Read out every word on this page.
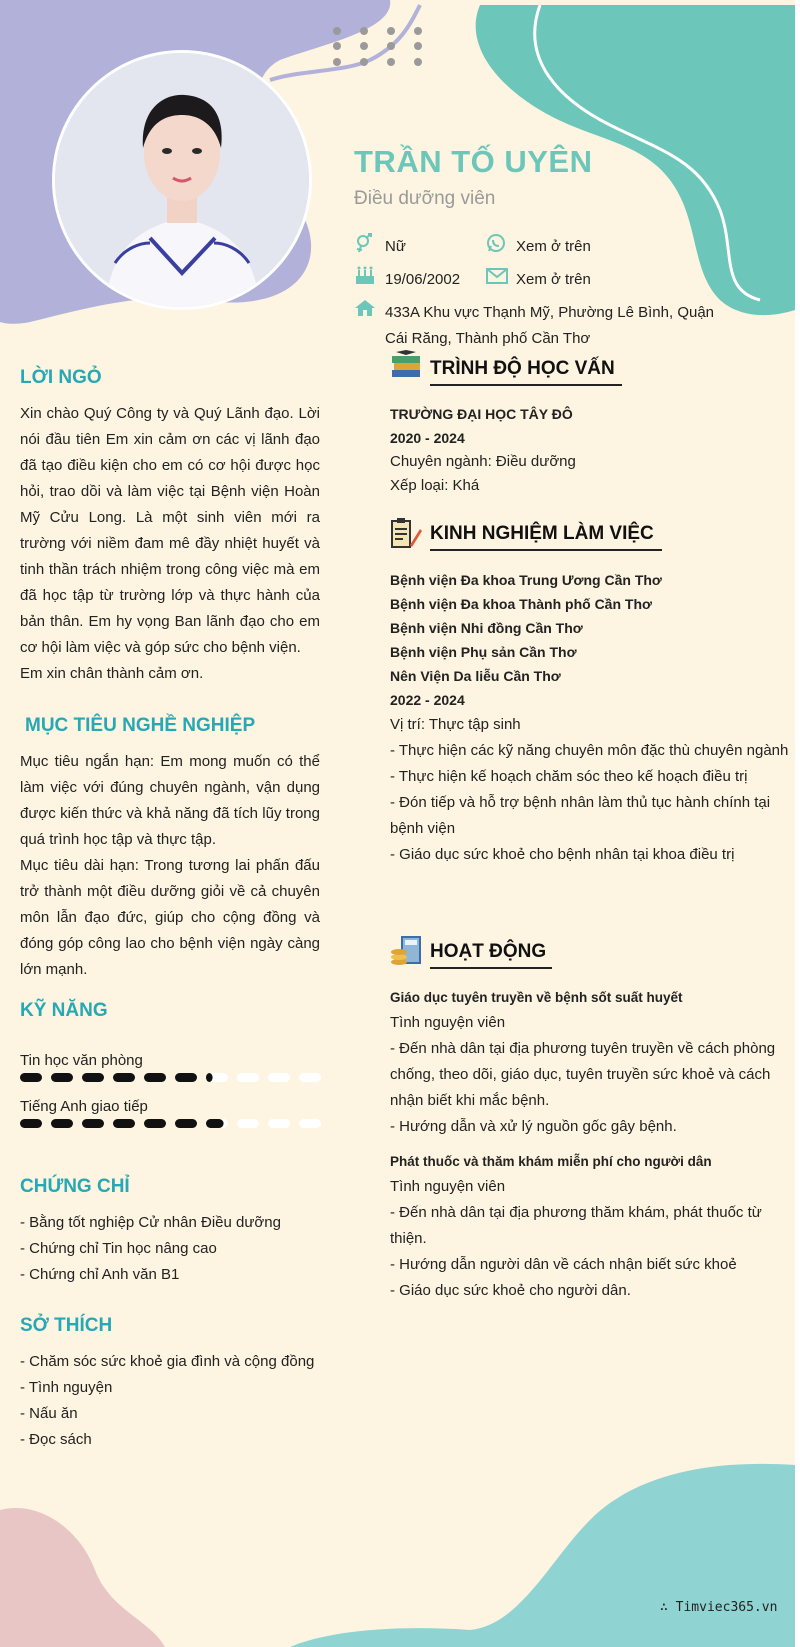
TRẦN TỐ UYÊN
Điều dưỡng viên
Nữ	Xem ở trên
19/06/2002	Xem ở trên
433A Khu vực Thạnh Mỹ, Phường Lê Bình, Quận
Cái Răng, Thành phố Cần Thơ
LỜI NGỎ

Xin chào Quý Công ty và Quý Lãnh đạo. Lời nói đầu tiên Em xin cảm ơn các vị lãnh đạo đã tạo điều kiện cho em có cơ hội được học hỏi, trao dồi và làm việc tại Bệnh viện Hoàn Mỹ Cửu Long. Là một sinh viên mới ra trường với niềm đam mê đầy nhiệt huyết và tinh thần trách nhiệm trong công việc mà em đã học tập từ trường lớp và thực hành của bản thân. Em hy vọng Ban lãnh đạo cho em cơ hội làm việc và góp sức cho bệnh viện.

Em xin chân thành cảm ơn.

MỤC TIÊU NGHỀ NGHIỆP

Mục tiêu ngắn hạn: Em mong muốn có thể làm việc với đúng chuyên ngành, vận dụng được kiến thức và khả năng đã tích lũy trong quá trình học tập và thực tập.

Mục tiêu dài hạn: Trong tương lai phấn đấu trở thành một điều dưỡng giỏi về cả chuyên môn lẫn đạo đức, giúp cho cộng đồng và đóng góp công lao cho bệnh viện ngày càng lớn mạnh.

KỸ NĂNG
Tin học văn phòng
Tiếng Anh giao tiếp
CHỨNG CHỈ
- Bằng tốt nghiệp Cử nhân Điều dưỡng
- Chứng chỉ Tin học nâng cao
- Chứng chỉ Anh văn B1
SỞ THÍCH
- Chăm sóc sức khoẻ gia đình và cộng đồng
- Tình nguyện
- Nấu ăn
- Đọc sách
TRÌNH ĐỘ HỌC VẤN
TRƯỜNG ĐẠI HỌC TÂY ĐÔ
2020 - 2024
Chuyên ngành: Điều dưỡng
Xếp loại: Khá
KINH NGHIỆM LÀM VIỆC
Bệnh viện Đa khoa Trung Ương Cần Thơ
Bệnh viện Đa khoa Thành phố Cần Thơ
Bệnh viện Nhi đồng Cần Thơ
Bệnh viện Phụ sản Cần Thơ
Nên Viện Da liễu Cần Thơ
2022 - 2024
Vị trí: Thực tập sinh
- Thực hiện các kỹ năng chuyên môn đặc thù chuyên ngành
- Thực hiện kế hoạch chăm sóc theo kế hoạch điều trị
- Đón tiếp và hỗ trợ bệnh nhân làm thủ tục hành chính tại bệnh viện
- Giáo dục sức khoẻ cho bệnh nhân tại khoa điều trị
HOẠT ĐỘNG
Giáo dục tuyên truyền về bệnh sốt suất huyết
Tình nguyện viên
- Đến nhà dân tại địa phương tuyên truyền về cách phòng chống, theo dõi, giáo dục, tuyên truyền sức khoẻ và cách nhận biết khi mắc bệnh.
- Hướng dẫn và xử lý nguồn gốc gây bệnh.
Phát thuốc và thăm khám miễn phí cho người dân
Tình nguyện viên
- Đến nhà dân tại địa phương thăm khám, phát thuốc từ thiện.
- Hướng dẫn người dân về cách nhận biết sức khoẻ
- Giáo dục sức khoẻ cho người dân.
∴ Timviec365.vn
